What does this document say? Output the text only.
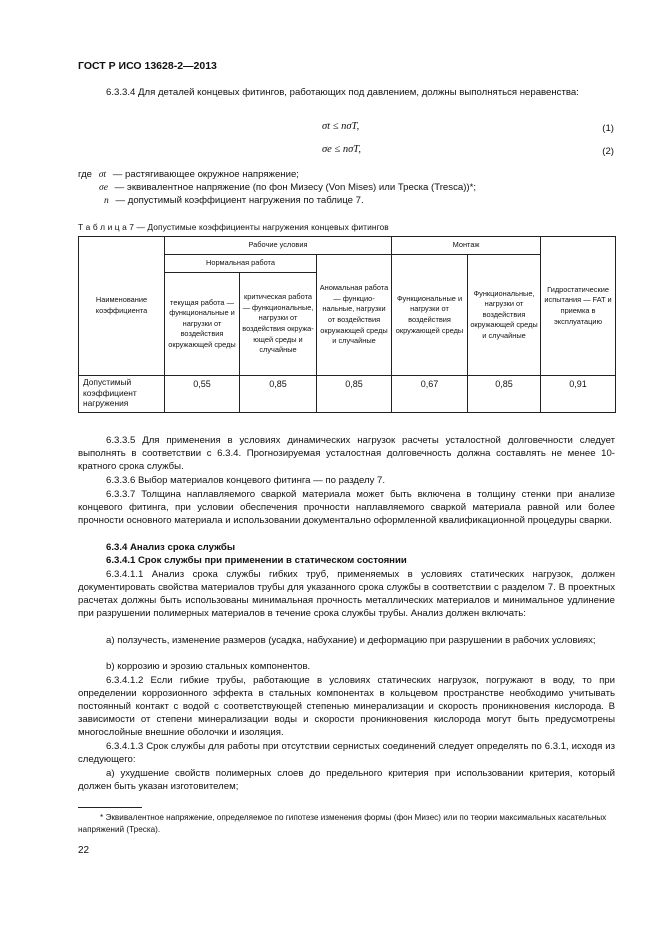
ГОСТ Р ИСО 13628-2—2013

6.3.3.4 Для деталей концевых фитингов, работающих под давлением, должны выполняться неравенства:

σt ≤ nσT,	(1)
σe ≤ nσT,	(2)
где σt — растягивающее окружное напряжение;
σe — эквивалентное напряжение (по фон Мизесу (Von Mises) или Треска (Tresca))*;
n — допустимый коэффициент нагружения по таблице 7.
Т а б л и ц а 7 — Допустимые коэффициенты нагружения концевых фитингов
Наименование коэффициента	Рабочие условия			Монтаж		Гидростатические испытания — FAT и приемка в эксплуатацию
	Нормальная работа		Аномальная работа — функциональные, нагрузки от воздействия окружающей среды и случайные	Функциональные и нагрузки от воздействия окружающей среды	Функциональные, нагрузки от воздействия окружающей среды и случайные	
	текущая работа — функциональные и нагрузки от воздействия окружающей среды	критическая работа — функциональные, нагрузки от воздействия окружающей среды и случайные				
Допустимый коэффициент нагружения	0,55	0,85	0,85	0,67	0,85	0,91

6.3.3.5 Для применения в условиях динамических нагрузок расчеты усталостной долговечности следует выполнять в соответствии с 6.3.4. Прогнозируемая усталостная долговечность должна составлять не менее 10-кратного срока службы.

6.3.3.6 Выбор материалов концевого фитинга — по разделу 7.

6.3.3.7 Толщина наплавляемого сваркой материала может быть включена в толщину стенки при анализе концевого фитинга, при условии обеспечения прочности наплавляемого сваркой материала равной или более прочности основного материала и использовании документально оформленной квалификационной процедуры сварки.

6.3.4 Анализ срока службы

6.3.4.1 Срок службы при применении в статическом состоянии

6.3.4.1.1 Анализ срока службы гибких труб, применяемых в условиях статических нагрузок, должен документировать свойства материалов трубы для указанного срока службы в соответствии с разделом 7. В проектных расчетах должны быть использованы минимальная прочность металлических материалов и минимальное удлинение при разрушении полимерных материалов в течение срока службы трубы. Анализ должен включать:

a) ползучесть, изменение размеров (усадка, набухание) и деформацию при разрушении в рабочих условиях;

b) коррозию и эрозию стальных компонентов.

6.3.4.1.2 Если гибкие трубы, работающие в условиях статических нагрузок, погружают в воду, то при определении коррозионного эффекта в стальных компонентах в кольцевом пространстве необходимо учитывать постоянный контакт с водой с соответствующей степенью минерализации и скорость проникновения кислорода. В зависимости от степени минерализации воды и скорости проникновения кислорода могут быть предусмотрены многослойные внешние оболочки и изоляция.

6.3.4.1.3 Срок службы для работы при отсутствии сернистых соединений следует определять по 6.3.1, исходя из следующего:

a) ухудшение свойств полимерных слоев до предельного критерия при использовании критерия, который должен быть указан изготовителем;

* Эквивалентное напряжение, определяемое по гипотезе изменения формы (фон Мизес) или по теории максимальных касательных напряжений (Треска).

22
